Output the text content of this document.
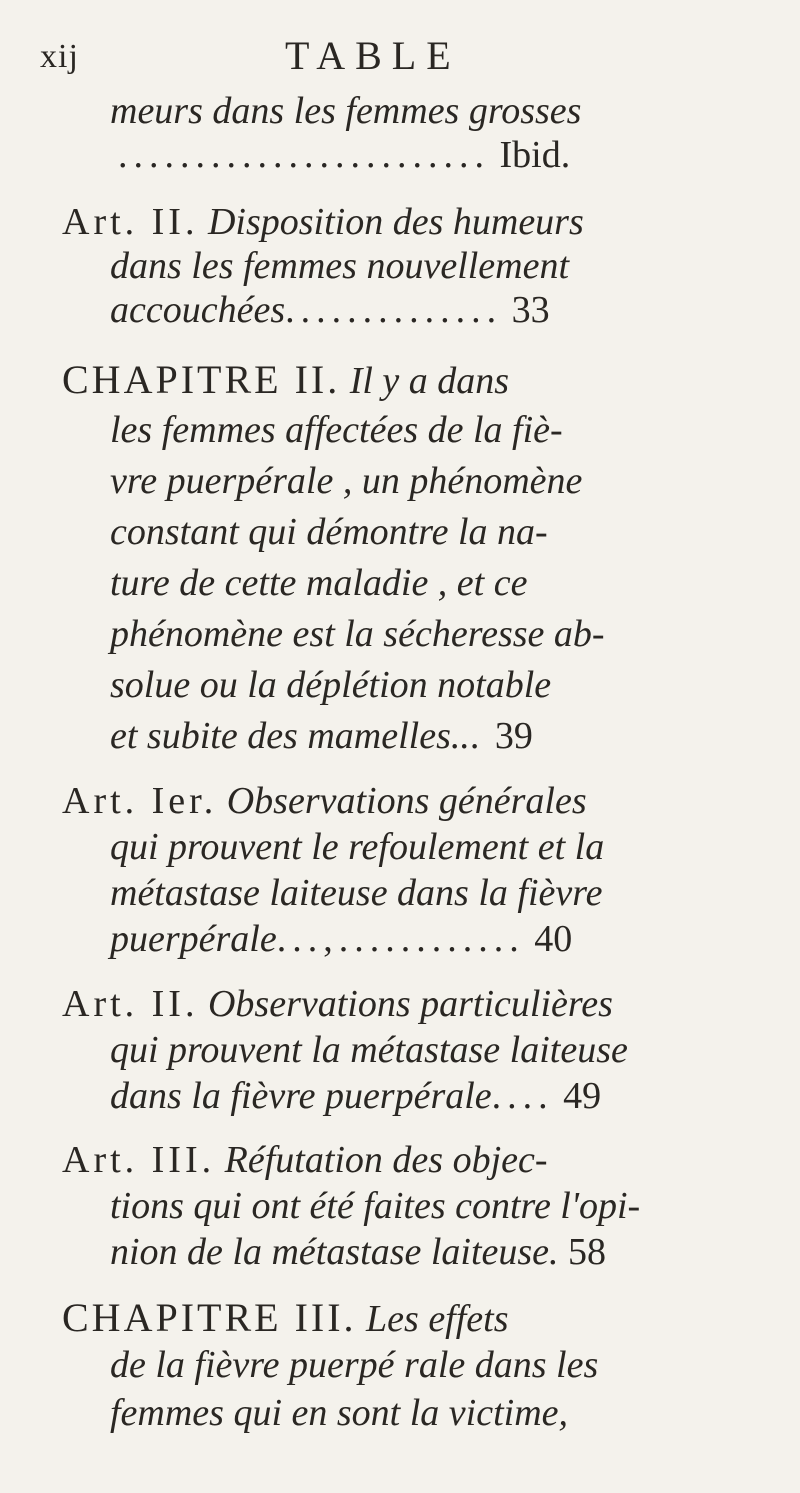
xij	TABLE
meurs dans les femmes grosses
........................ Ibid.
Art. II. Disposition des humeurs
dans les femmes nouvellement
accouchées.............. 33
CHAPITRE II. Il y a dans
les femmes affectées de la fiè-
vre puerpérale , un phénomène
constant qui démontre la na-
ture de cette maladie , et ce
phénomène est la sécheresse ab-
solue ou la déplétion notable
et subite des mamelles... 39
Art. Ier. Observations générales
qui prouvent le refoulement et la
métastase laiteuse dans la fièvre
puerpérale...,............ 40
Art. II. Observations particulières
qui prouvent la métastase laiteuse
dans la fièvre puerpérale.... 49
Art. III. Réfutation des objec-
tions qui ont été faites contre l'opi-
nion de la métastase laiteuse. 58
CHAPITRE III. Les effets
de la fièvre puerpé rale dans les
femmes qui en sont la victime,
